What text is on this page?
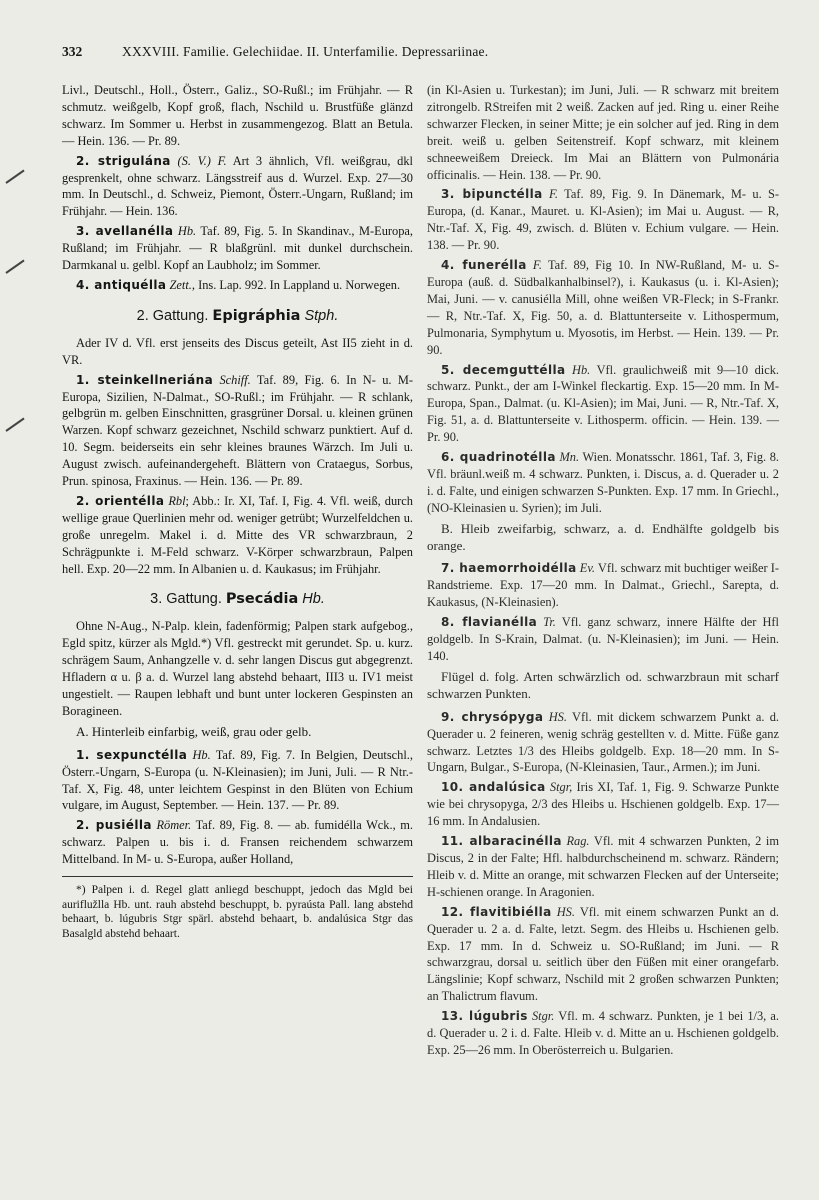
332	XXXVIII. Familie. Gelechiidae. II. Unterfamilie. Depressariinae.

Livl., Deutschl., Holl., Österr., Galiz., SO-Rußl.; im Frühjahr. — R schmutz. weißgelb, Kopf groß, flach, Nschild u. Brustfüße glänzd schwarz. Im Sommer u. Herbst in zusammengezog. Blatt an Betula. — Hein. 136. — Pr. 89.

2. strigulána (S. V.) F. Art 3 ähnlich, Vfl. weißgrau, dkl gesprenkelt, ohne schwarz. Längsstreif aus d. Wurzel. Exp. 27—30 mm. In Deutschl., d. Schweiz, Piemont, Österr.-Ungarn, Rußland; im Frühjahr. — Hein. 136.

3. avellanélla Hb. Taf. 89, Fig. 5. In Skandinav., M-Europa, Rußland; im Frühjahr. — R blaßgrünl. mit dunkel durchschein. Darmkanal u. gelbl. Kopf an Laubholz; im Sommer.

4. antiquélla Zett., Ins. Lap. 992. In Lappland u. Norwegen.

2. Gattung. Epigráphia Stph.

Ader IV d. Vfl. erst jenseits des Discus geteilt, Ast II5 zieht in d. VR.

1. steinkellneriána Schiff. Taf. 89, Fig. 6. In N- u. M-Europa, Sizilien, N-Dalmat., SO-Rußl.; im Frühjahr. — R schlank, gelbgrün m. gelben Einschnitten, grasgrüner Dorsal. u. kleinen grünen Warzen. Kopf schwarz gezeichnet, Nschild schwarz punktiert. Auf d. 10. Segm. beiderseits ein sehr kleines braunes Wärzch. Im Juli u. August zwisch. aufeinandergeheft. Blättern von Crataegus, Sorbus, Prun. spinosa, Fraxinus. — Hein. 136. — Pr. 89.

2. orientélla Rbl; Abb.: Ir. XI, Taf. I, Fig. 4. Vfl. weiß, durch wellige graue Querlinien mehr od. weniger getrübt; Wurzelfeldchen u. große unregelm. Makel i. d. Mitte des VR schwarzbraun, 2 Schrägpunkte i. M-Feld schwarz. V-Körper schwarzbraun, Palpen hell. Exp. 20—22 mm. In Albanien u. d. Kaukasus; im Frühjahr.

3. Gattung. Psecádia Hb.

Ohne N-Aug., N-Palp. klein, fadenförmig; Palpen stark aufgebog., Egld spitz, kürzer als Mgld.*) Vfl. gestreckt mit gerundet. Sp. u. kurz. schrägem Saum, Anhangzelle v. d. sehr langen Discus gut abgegrenzt. Hfladern α u. β a. d. Wurzel lang abstehd behaart, III3 u. IV1 meist ungestielt. — Raupen lebhaft und bunt unter lockeren Gespinsten an Boragineen.

A. Hinterleib einfarbig, weiß, grau oder gelb.

1. sexpunctélla Hb. Taf. 89, Fig. 7. In Belgien, Deutschl., Österr.-Ungarn, S-Europa (u. N-Kleinasien); im Juni, Juli. — R Ntr.-Taf. X, Fig. 48, unter leichtem Gespinst in den Blüten von Echium vulgare, im August, September. — Hein. 137. — Pr. 89.

2. pusiélla Römer. Taf. 89, Fig. 8. — ab. fumidélla Wck., m. schwarz. Palpen u. bis i. d. Fransen reichendem schwarzem Mittelband. In M- u. S-Europa, außer Holland,

*) Palpen i. d. Regel glatt anliegd beschuppt, jedoch das Mgld bei auriflužlla Hb. unt. rauh abstehd beschuppt, b. pyraústa Pall. lang abstehd behaart, b. lúgubris Stgr spärl. abstehd behaart, b. andalúsica Stgr das Basalgld abstehd behaart.

(in Kl-Asien u. Turkestan); im Juni, Juli. — R schwarz mit breitem zitrongelb. RStreifen mit 2 weiß. Zacken auf jed. Ring u. einer Reihe schwarzer Flecken, in seiner Mitte; je ein solcher auf jed. Ring in dem breit. weiß u. gelben Seitenstreif. Kopf schwarz, mit kleinem schneeweißem Dreieck. Im Mai an Blättern von Pulmonária officinalis. — Hein. 138. — Pr. 90.

3. bipunctélla F. Taf. 89, Fig. 9. In Dänemark, M- u. S-Europa, (d. Kanar., Mauret. u. Kl-Asien); im Mai u. August. — R, Ntr.-Taf. X, Fig. 49, zwisch. d. Blüten v. Echium vulgare. — Hein. 138. — Pr. 90.

4. funerélla F. Taf. 89, Fig 10. In NW-Rußland, M- u. S-Europa (auß. d. Südbalkanhalbinsel?), i. Kaukasus (u. i. Kl-Asien); Mai, Juni. — v. canusiélla Mill, ohne weißen VR-Fleck; in S-Frankr. — R, Ntr.-Taf. X, Fig. 50, a. d. Blattunterseite v. Lithospermum, Pulmonaria, Symphytum u. Myosotis, im Herbst. — Hein. 139. — Pr. 90.

5. decemguttélla Hb. Vfl. graulichweiß mit 9—10 dick. schwarz. Punkt., der am I-Winkel fleckartig. Exp. 15—20 mm. In M-Europa, Span., Dalmat. (u. Kl-Asien); im Mai, Juni. — R, Ntr.-Taf. X, Fig. 51, a. d. Blattunterseite v. Lithosperm. officin. — Hein. 139. — Pr. 90.

6. quadrinotélla Mn. Wien. Monatsschr. 1861, Taf. 3, Fig. 8. Vfl. bräunl.weiß m. 4 schwarz. Punkten, i. Discus, a. d. Querader u. 2 i. d. Falte, und einigen schwarzen S-Punkten. Exp. 17 mm. In Griechl., (NO-Kleinasien u. Syrien); im Juli.

B. Hleib zweifarbig, schwarz, a. d. Endhälfte goldgelb bis orange.

7. haemorrhoidélla Ev. Vfl. schwarz mit buchtiger weißer I-Randstrieme. Exp. 17—20 mm. In Dalmat., Griechl., Sarepta, d. Kaukasus, (N-Kleinasien).

8. flavianélla Tr. Vfl. ganz schwarz, innere Hälfte der Hfl goldgelb. In S-Krain, Dalmat. (u. N-Kleinasien); im Juni. — Hein. 140.

Flügel d. folg. Arten schwärzlich od. schwarzbraun mit scharf schwarzen Punkten.

9. chrysópyga HS. Vfl. mit dickem schwarzem Punkt a. d. Querader u. 2 feineren, wenig schräg gestellten v. d. Mitte. Füße ganz schwarz. Letztes 1/3 des Hleibs goldgelb. Exp. 18—20 mm. In S-Ungarn, Bulgar., S-Europa, (N-Kleinasien, Taur., Armen.); im Juni.

10. andalúsica Stgr, Iris XI, Taf. 1, Fig. 9. Schwarze Punkte wie bei chrysopyga, 2/3 des Hleibs u. Hschienen goldgelb. Exp. 17—16 mm. In Andalusien.

11. albaracinélla Rag. Vfl. mit 4 schwarzen Punkten, 2 im Discus, 2 in der Falte; Hfl. halbdurchscheinend m. schwarz. Rändern; Hleib v. d. Mitte an orange, mit schwarzen Flecken auf der Unterseite; H-schienen orange. In Aragonien.

12. flavitibiélla HS. Vfl. mit einem schwarzen Punkt an d. Querader u. 2 a. d. Falte, letzt. Segm. des Hleibs u. Hschienen gelb. Exp. 17 mm. In d. Schweiz u. SO-Rußland; im Juni. — R schwarzgrau, dorsal u. seitlich über den Füßen mit einer orangefarb. Längslinie; Kopf schwarz, Nschild mit 2 großen schwarzen Punkten; an Thalictrum flavum.

13. lúgubris Stgr. Vfl. m. 4 schwarz. Punkten, je 1 bei 1/3, a. d. Querader u. 2 i. d. Falte. Hleib v. d. Mitte an u. Hschienen goldgelb. Exp. 25—26 mm. In Oberösterreich u. Bulgarien.
